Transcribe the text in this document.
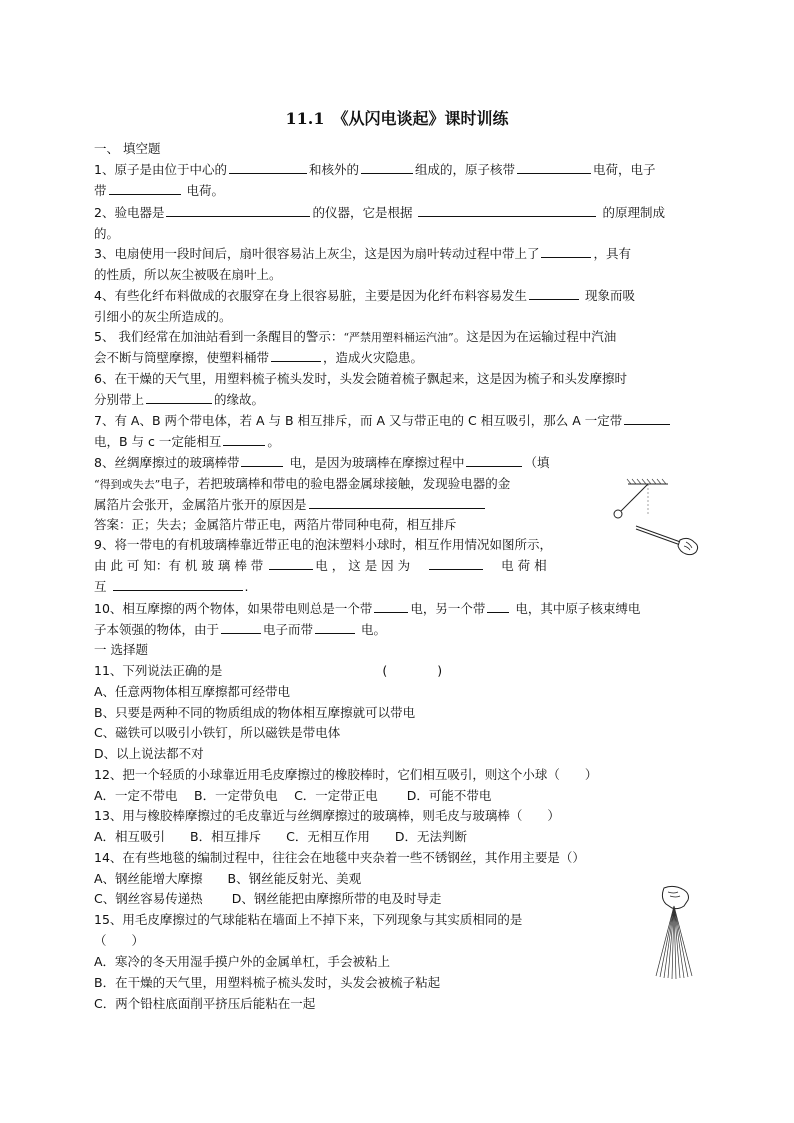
11.1　《从闪电谈起》课时训练
一、 填空题
1、原子是由位于中心的	和核外的	组成的，原子核带	电荷，电子
带	电荷。
2、验电器是	的仪器，它是根据	的原理制成
的。
3、电扇使用一段时间后，扇叶很容易沾上灰尘，这是因为扇叶转动过程中带上了	，具有
的性质，所以灰尘被吸在扇叶上。
4、有些化纤布料做成的衣服穿在身上很容易脏，主要是因为化纤布料容易发生	现象而吸
引细小的灰尘所造成的。
5、 我们经常在加油站看到一条醒目的警示：“严禁用塑料桶运汽油”。这是因为在运输过程中汽油
会不断与筒壁摩擦，使塑料桶带	，造成火灾隐患。
6、在干燥的天气里，用塑料梳子梳头发时，头发会随着梳子飘起来，这是因为梳子和头发摩擦时
分别带上	的缘故。
7、有 A、B 两个带电体，若 A 与 B 相互排斥，而 A 又与带正电的 C 相互吸引，那么 A 一定带
电，B 与 c 一定能相互	。
8、丝绸摩擦过的玻璃棒带	电，是因为玻璃棒在摩擦过程中	（填
“得到或失去”电子，若把玻璃棒和带电的验电器金属球接触，发现验电器的金
属箔片会张开，金属箔片张开的原因是
答案：正；失去；金属箔片带正电，两箔片带同种电荷，相互排斥
9、将一带电的有机玻璃棒靠近带正电的泡沫塑料小球时，相互作用情况如图所示，
由 此 可 知：有 机 玻 璃 棒 带	电 ， 这 是 因 为　 　	电 荷 相
互	.
10、相互摩擦的两个物体，如果带电则总是一个带	电，另一个带 电，其中原子核束缚电
子本领强的物体，由于	电子而带	电。
一 选择题
11、下列说法正确的是	(　　　　)
A、任意两物体相互摩擦都可经带电
B、只要是两种不同的物质组成的物体相互摩擦就可以带电
C、磁铁可以吸引小铁钉，所以磁铁是带电体
D、以上说法都不对
12、把一个轻质的小球靠近用毛皮摩擦过的橡胶棒时，它们相互吸引，则这个小球（　　）
A．一定不带电　 B．一定带负电　 C．一定带正电　　 D．可能不带电
13、用与橡胶棒摩擦过的毛皮靠近与丝绸摩擦过的玻璃棒，则毛皮与玻璃棒（　　）
A．相互吸引　　B．相互排斥　　C．无相互作用　　D．无法判断
14、在有些地毯的编制过程中，往往会在地毯中夹杂着一些不锈钢丝，其作用主要是（）
A、钢丝能增大摩擦　　B、钢丝能反射光、美观
C、钢丝容易传递热　　 D、钢丝能把由摩擦所带的电及时导走
15、用毛皮摩擦过的气球能粘在墙面上不掉下来，下列现象与其实质相同的是
（　　）
A．寒冷的冬天用湿手摸户外的金属单杠，手会被粘上
B．在干燥的天气里，用塑料梳子梳头发时，头发会被梳子粘起
C．两个铅柱底面削平挤压后能粘在一起
